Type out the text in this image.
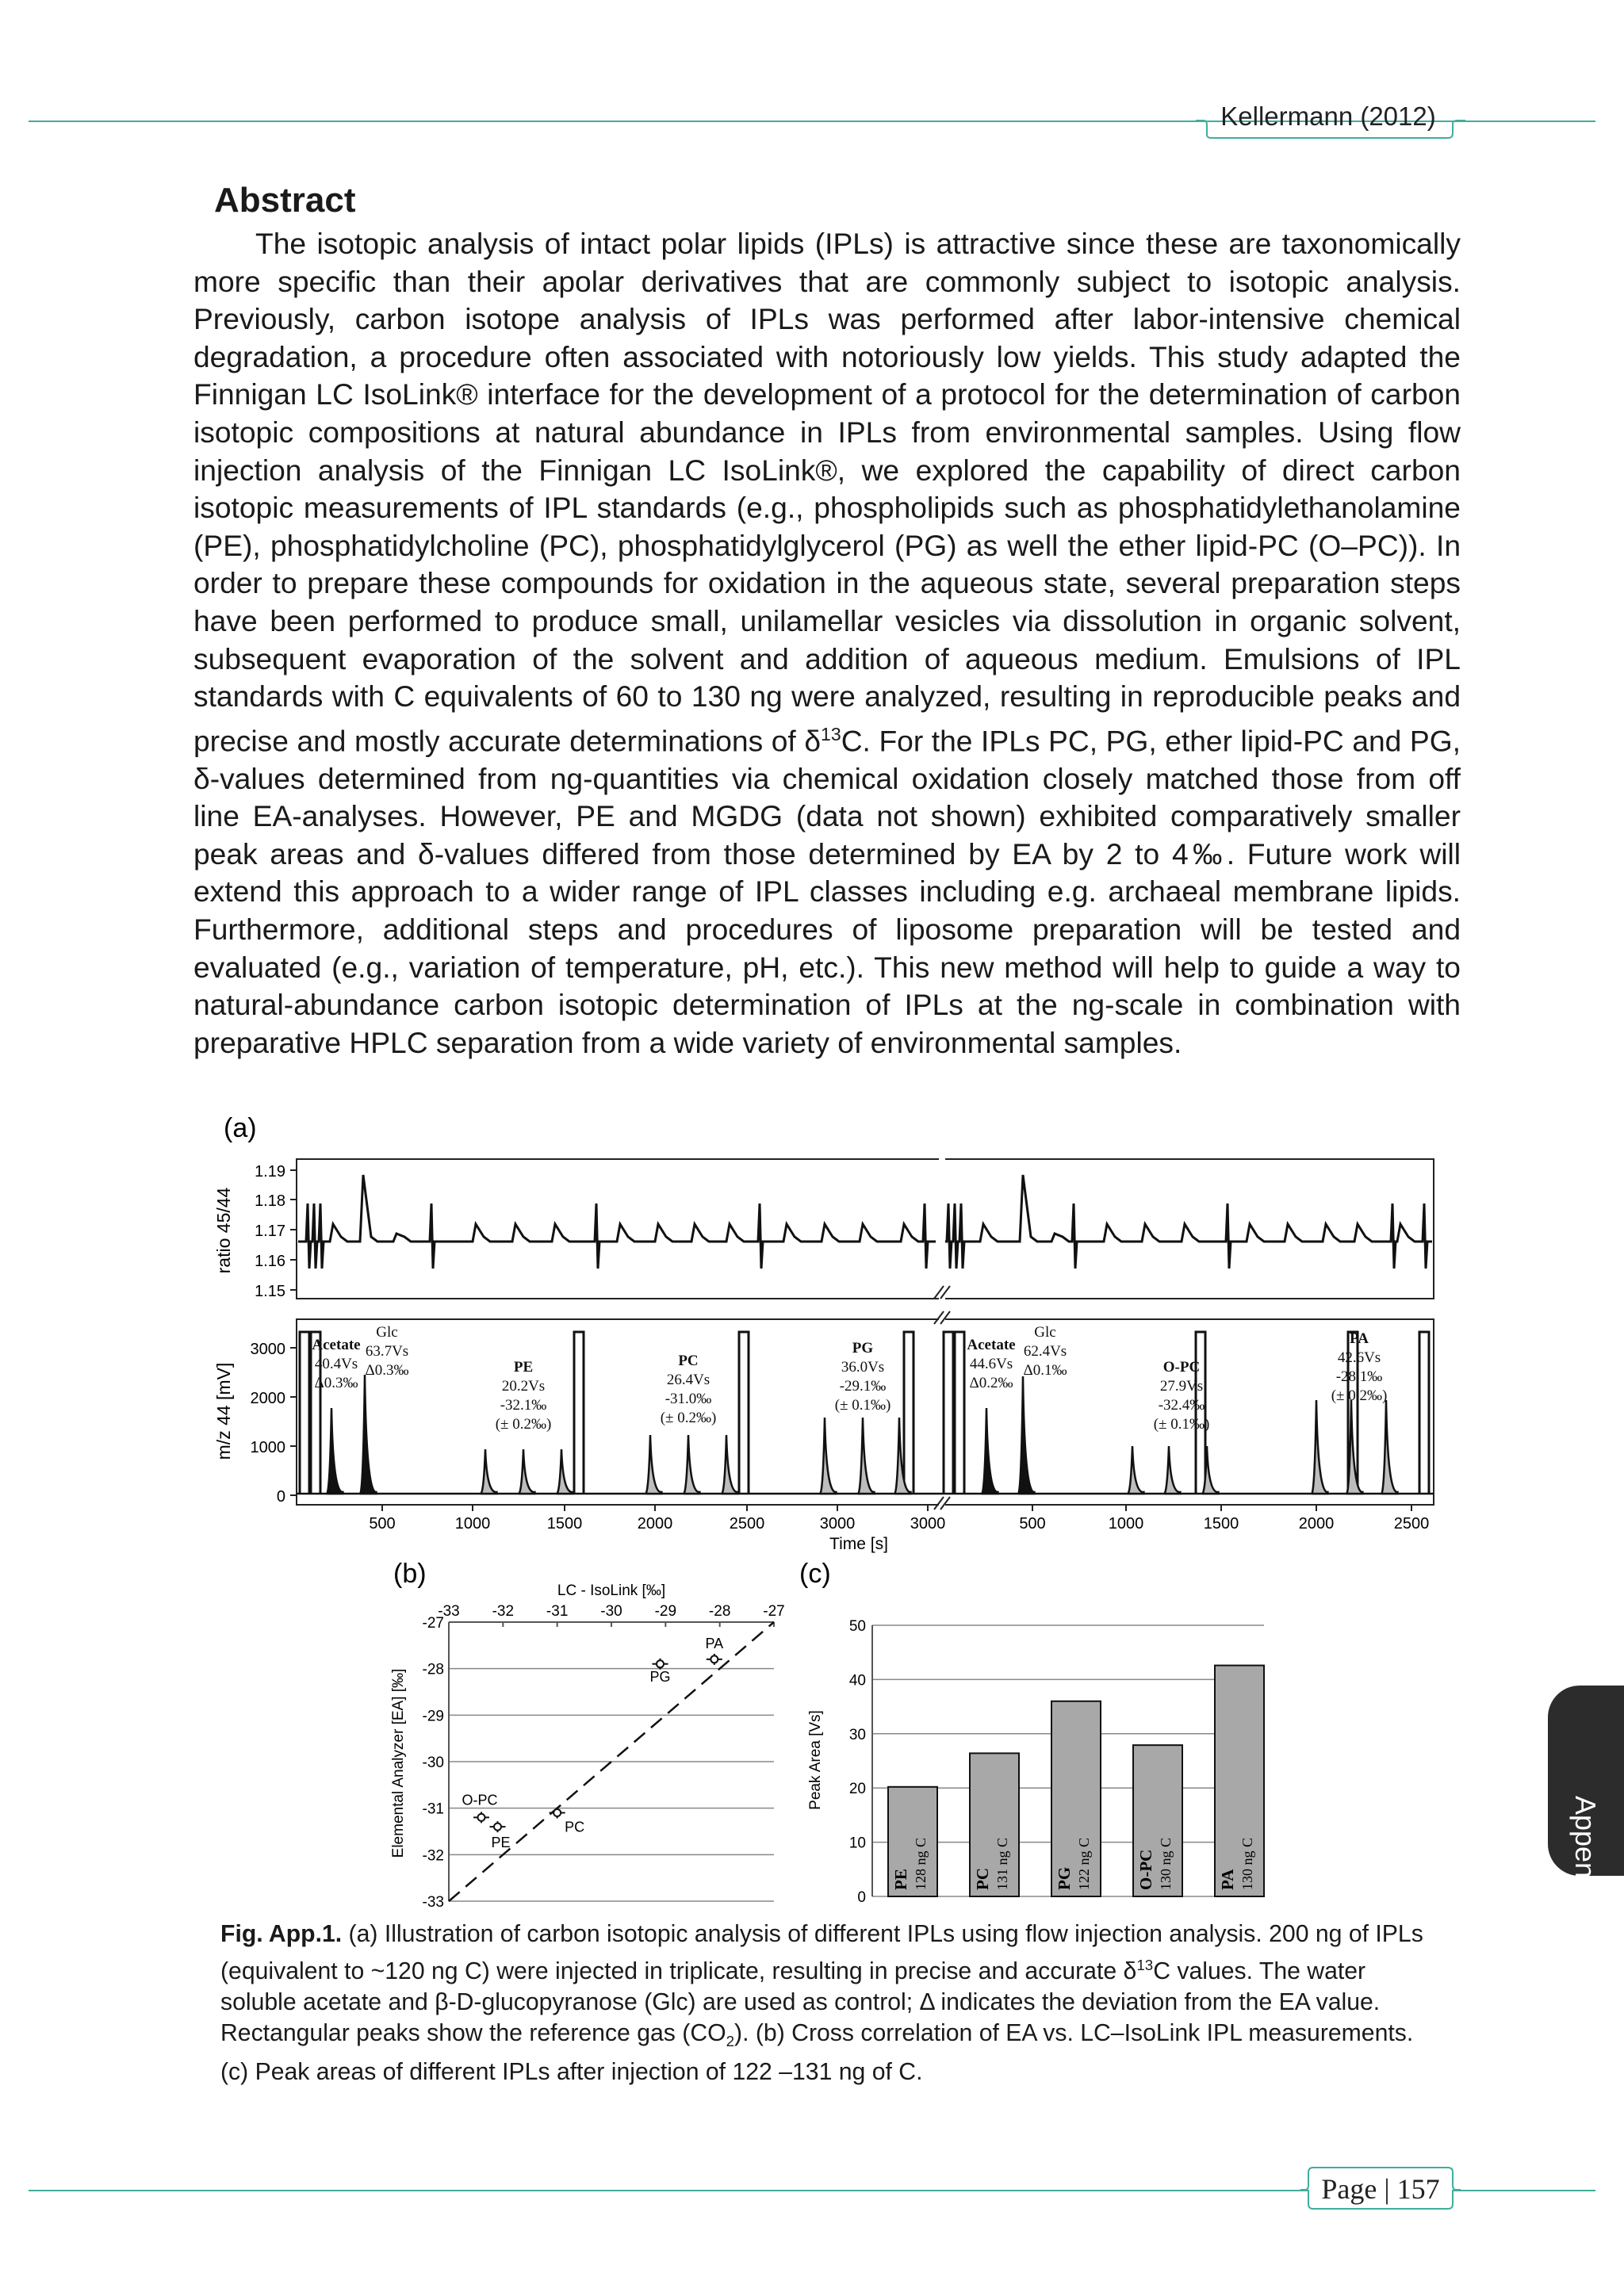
Kellermann (2012)
Abstract

The isotopic analysis of intact polar lipids (IPLs) is attractive since these are taxonomically more specific than their apolar derivatives that are commonly subject to isotopic analysis. Previously, carbon isotope analysis of IPLs was performed after labor-intensive chemical degradation, a procedure often associated with notoriously low yields. This study adapted the Finnigan LC IsoLink® interface for the development of a protocol for the determination of carbon isotopic compositions at natural abundance in IPLs from environmental samples. Using flow injection analysis of the Finnigan LC IsoLink®, we explored the capability of direct carbon isotopic measurements of IPL standards (e.g., phospholipids such as phosphatidylethanolamine (PE), phosphatidylcholine (PC), phosphatidylglycerol (PG) as well the ether lipid-PC (O–PC)). In order to prepare these compounds for oxidation in the aqueous state, several preparation steps have been performed to produce small, unilamellar vesicles via dissolution in organic solvent, subsequent evaporation of the solvent and addition of aqueous medium. Emulsions of IPL standards with C equivalents of 60 to 130 ng were analyzed, resulting in reproducible peaks and precise and mostly accurate determinations of $\delta^{13}C$. For the IPLs PC, PG, ether lipid-PC and PG, δ-values determined from ng-quantities via chemical oxidation closely matched those from off line EA-analyses. However, PE and MGDG (data not shown) exhibited comparatively smaller peak areas and δ-values differed from those determined by EA by 2 to 4‰. Future work will extend this approach to a wider range of IPL classes including e.g. archaeal membrane lipids. Furthermore, additional steps and procedures of liposome preparation will be tested and evaluated (e.g., variation of temperature, pH, etc.). This new method will help to guide a way to natural-abundance carbon isotopic determination of IPLs at the ng-scale in combination with preparative HPLC separation from a wide variety of environmental samples.

(a)
1.19
1.18
1.17
1.16
1.15
ratio 45/44
3000
2000
1000
0
m/z 44 [mV]
500	1000	1500	2000	2500	3000	3000	500	1000	1500	2000	2500
Time [s]
Acetate
40.4Vs
Δ0.3‰
Glc
63.7Vs
Δ0.3‰	PE
20.2Vs
-32.1‰
(± 0.2‰)
PC
26.4Vs
-31.0‰
(± 0.2‰)
PG
36.0Vs
-29.1‰
(± 0.1‰)
Acetate
44.6Vs
Δ0.2‰
Glc
62.4Vs
Δ0.1‰	O-PC
27.9Vs
-32.4‰
(± 0.1‰)
PA
42.6Vs
-28.1‰
(± 0.2‰)
(b)
-27
-28
-29
-30
-31
-32
-33
-33 -32 -31 -30 -29 -28 -27
LC - IsoLink [‰]
Elemental Analyzer [EA] [‰]
PA
PG
O-PC
PE
PC
(c)
0
10
20
30
40
50
Peak Area [Vs]
PE 128 ng C	PC 131 ng C	PG 122 ng C	O-PC 130 ng C	PA 130 ng C
Fig. App.1. (a) Illustration of carbon isotopic analysis of different IPLs using flow injection analysis. 200 ng of IPLs (equivalent to ~120 ng C) were injected in triplicate, resulting in precise and accurate $\delta^{13}C$ values. The water soluble acetate and β-D-glucopyranose (Glc) are used as control; Δ indicates the deviation from the EA value. Rectangular peaks show the reference gas $(CO_2)$. (b) Cross correlation of EA vs. LC–IsoLink IPL measurements. (c) Peak areas of different IPLs after injection of 122 –131 ng of C.
Appendix
Page | 157
